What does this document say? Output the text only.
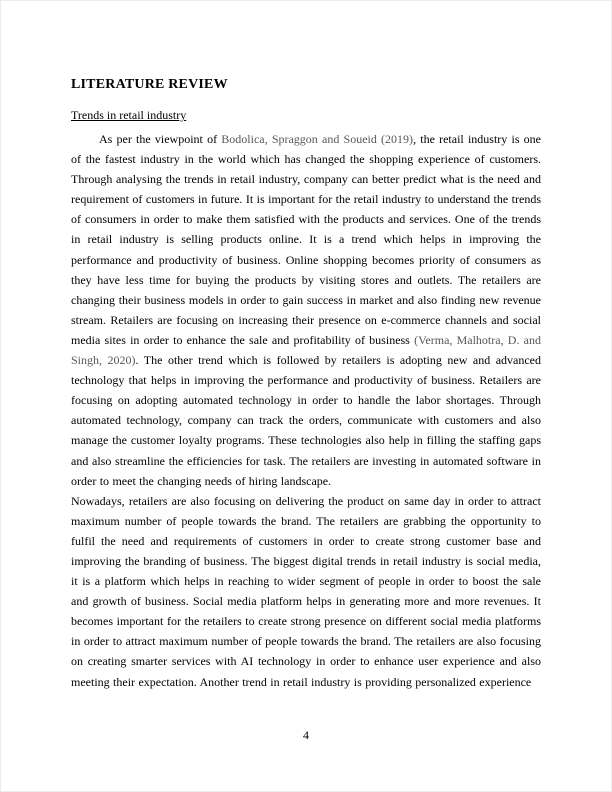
LITERATURE REVIEW
Trends in retail industry

As per the viewpoint of Bodolica, Spraggon and Soueid (2019), the retail industry is one of the fastest industry in the world which has changed the shopping experience of customers. Through analysing the trends in retail industry, company can better predict what is the need and requirement of customers in future. It is important for the retail industry to understand the trends of consumers in order to make them satisfied with the products and services. One of the trends in retail industry is selling products online. It is a trend which helps in improving the performance and productivity of business. Online shopping becomes priority of consumers as they have less time for buying the products by visiting stores and outlets. The retailers are changing their business models in order to gain success in market and also finding new revenue stream. Retailers are focusing on increasing their presence on e-commerce channels and social media sites in order to enhance the sale and profitability of business (Verma, Malhotra, D. and Singh, 2020). The other trend which is followed by retailers is adopting new and advanced technology that helps in improving the performance and productivity of business. Retailers are focusing on adopting automated technology in order to handle the labor shortages. Through automated technology, company can track the orders, communicate with customers and also manage the customer loyalty programs. These technologies also help in filling the staffing gaps and also streamline the efficiencies for task. The retailers are investing in automated software in order to meet the changing needs of hiring landscape.

Nowadays, retailers are also focusing on delivering the product on same day in order to attract maximum number of people towards the brand. The retailers are grabbing the opportunity to fulfil the need and requirements of customers in order to create strong customer base and improving the branding of business. The biggest digital trends in retail industry is social media, it is a platform which helps in reaching to wider segment of people in order to boost the sale and growth of business. Social media platform helps in generating more and more revenues. It becomes important for the retailers to create strong presence on different social media platforms in order to attract maximum number of people towards the brand. The retailers are also focusing on creating smarter services with AI technology in order to enhance user experience and also meeting their expectation. Another trend in retail industry is providing personalized experience

4
